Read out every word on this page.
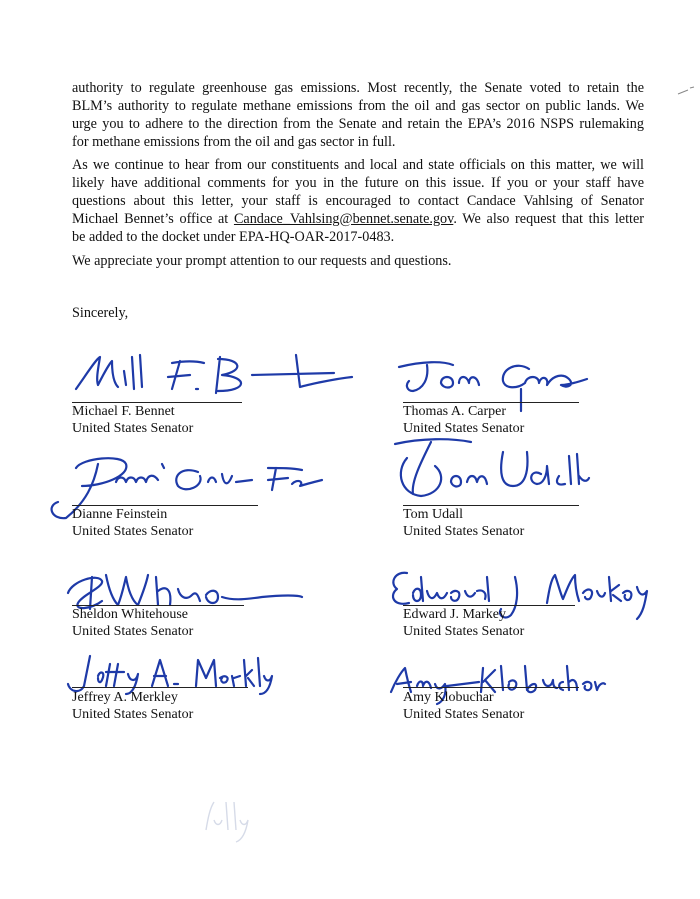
authority to regulate greenhouse gas emissions. Most recently, the Senate voted to retain the
BLM’s authority to regulate methane emissions from the oil and gas sector on public lands. We
urge you to adhere to the direction from the Senate and retain the EPA’s 2016 NSPS rulemaking
for methane emissions from the oil and gas sector in full.
As we continue to hear from our constituents and local and state officials on this matter, we will
likely have additional comments for you in the future on this issue. If you or your staff have
questions about this letter, your staff is encouraged to contact Candace Vahlsing of Senator
Michael Bennet’s office at Candace_Vahlsing@bennet.senate.gov. We also request that this letter
be added to the docket under EPA-HQ-OAR-2017-0483.
We appreciate your prompt attention to our requests and questions.
Sincerely,
Michael F. Bennet
United States Senator
Thomas A. Carper
United States Senator
Dianne Feinstein
United States Senator
Tom Udall
United States Senator
Sheldon Whitehouse
United States Senator
Edward J. Markey
United States Senator
Jeffrey A. Merkley
United States Senator
Amy Klobuchar
United States Senator
